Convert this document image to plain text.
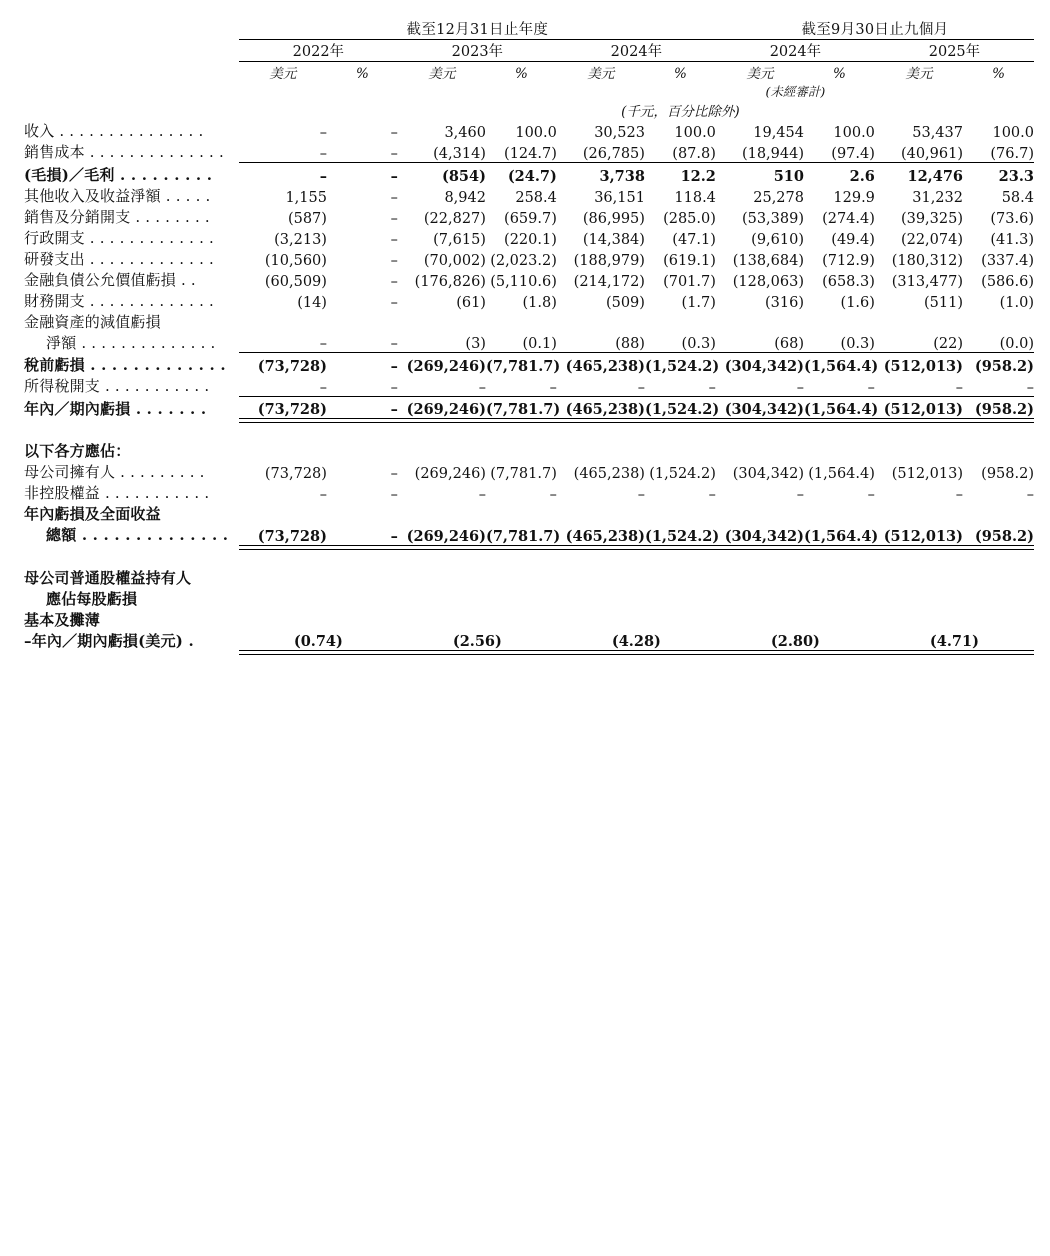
	截至12月31日止年度						截至9月30日止九個月			
	2022年		2023年		2024年		2024年		2025年	
	美元	%	美元	%	美元	%	美元	%	美元	%
							(未經審計)			
					(千元，百分比除外)					
收入 . . . . . . . . . . . . . . .	–	–	3,460	100.0	30,523	100.0	19,454	100.0	53,437	100.0
銷售成本 . . . . . . . . . . . . . .	–	–	(4,314)	(124.7)	(26,785)	(87.8)	(18,944)	(97.4)	(40,961)	(76.7)

(毛損)／毛利 . . . . . . . . .	–	–	(854)	(24.7)	3,738	12.2	510	2.6	12,476	23.3
其他收入及收益淨額 . . . . .	1,155	–	8,942	258.4	36,151	118.4	25,278	129.9	31,232	58.4
銷售及分銷開支 . . . . . . . .	(587)	–	(22,827)	(659.7)	(86,995)	(285.0)	(53,389)	(274.4)	(39,325)	(73.6)
行政開支 . . . . . . . . . . . . .	(3,213)	–	(7,615)	(220.1)	(14,384)	(47.1)	(9,610)	(49.4)	(22,074)	(41.3)
研發支出 . . . . . . . . . . . . .	(10,560)	–	(70,002)	(2,023.2)	(188,979)	(619.1)	(138,684)	(712.9)	(180,312)	(337.4)
金融負債公允價值虧損 . .	(60,509)	–	(176,826)	(5,110.6)	(214,172)	(701.7)	(128,063)	(658.3)	(313,477)	(586.6)
財務開支 . . . . . . . . . . . . .	(14)	–	(61)	(1.8)	(509)	(1.7)	(316)	(1.6)	(511)	(1.0)
金融資產的減值虧損										
淨額 . . . . . . . . . . . . . .	–	–	(3)	(0.1)	(88)	(0.3)	(68)	(0.3)	(22)	(0.0)

稅前虧損 . . . . . . . . . . . . .	(73,728)	–	(269,246)	(7,781.7)	(465,238)	(1,524.2)	(304,342)	(1,564.4)	(512,013)	(958.2)
所得稅開支 . . . . . . . . . . .	–	–	–	–	–	–	–	–	–	–

年內／期內虧損 . . . . . . .	(73,728)	–	(269,246)	(7,781.7)	(465,238)	(1,524.2)	(304,342)	(1,564.4)	(512,013)	(958.2)

以下各方應佔：										
母公司擁有人 . . . . . . . . .	(73,728)	–	(269,246)	(7,781.7)	(465,238)	(1,524.2)	(304,342)	(1,564.4)	(512,013)	(958.2)
非控股權益 . . . . . . . . . . .	–	–	–	–	–	–	–	–	–	–
年內虧損及全面收益										
總額 . . . . . . . . . . . . . .	(73,728)	–	(269,246)	(7,781.7)	(465,238)	(1,524.2)	(304,342)	(1,564.4)	(512,013)	(958.2)

母公司普通股權益持有人										
應佔每股虧損										
基本及攤薄										
–年內／期內虧損(美元) .	(0.74)		(2.56)		(4.28)		(2.80)		(4.71)	
